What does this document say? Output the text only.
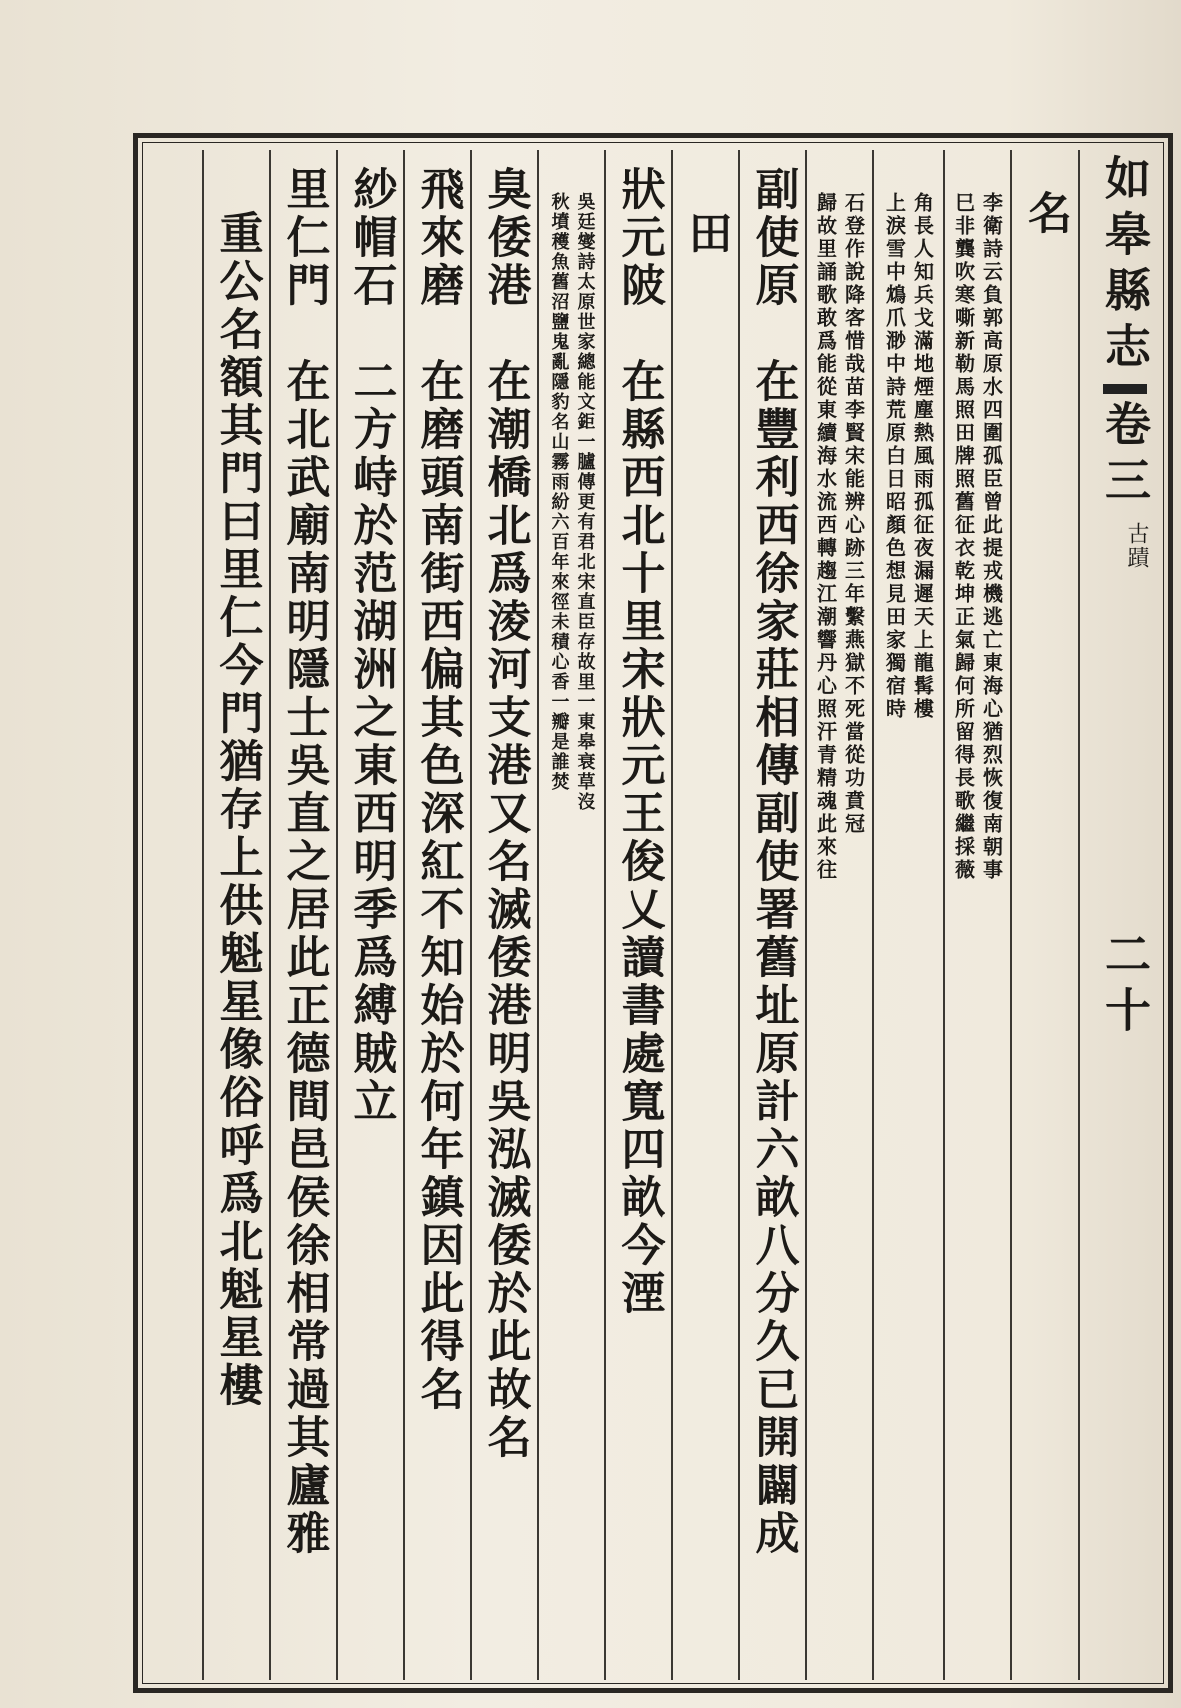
如皋縣志
卷三
古蹟
二十
名
李衛詩云負郭高原水四圍孤臣曾此提戎機逃亡東海心猶烈恢復南朝事
巳非龔吹寒嘶新勒馬照田牌照舊征衣乾坤正氣歸何所留得長歌繼採薇
角長人知兵戈滿地煙塵熱風雨孤征夜漏遲天上龍髯樓
上淚雪中鴆爪渺中詩荒原白日昭顏色想見田家獨宿時
石登作說降客惜哉苗李賢宋能辨心跡三年繫燕獄不死當從功賁冠
歸故里誦歌敢爲能從東續海水流西轉趨江潮響丹心照汗青精魂此來往
副使原　在豐利西徐家莊相傳副使署舊址原計六畝八分久已開闢成
田
狀元陂　在縣西北十里宋狀元王俊乂讀書處寬四畝今湮
吳廷燮詩太原世家總能文鉅一臚傳更有君北宋直臣存故里一東皋衰草沒
秋墳穫魚舊沼鹽鬼亂隱豹名山霧雨紛六百年來徑未積心香一瓣是誰焚
臭倭港　在潮橋北爲淩河支港又名滅倭港明吳泓滅倭於此故名
飛來磨　在磨頭南街西偏其色深紅不知始於何年鎮因此得名
紗帽石　二方峙於范湖洲之東西明季爲縛賊立
里仁門　在北武廟南明隱士吳直之居此正德間邑侯徐相常過其廬雅
重公名額其門曰里仁今門猶存上供魁星像俗呼爲北魁星樓
